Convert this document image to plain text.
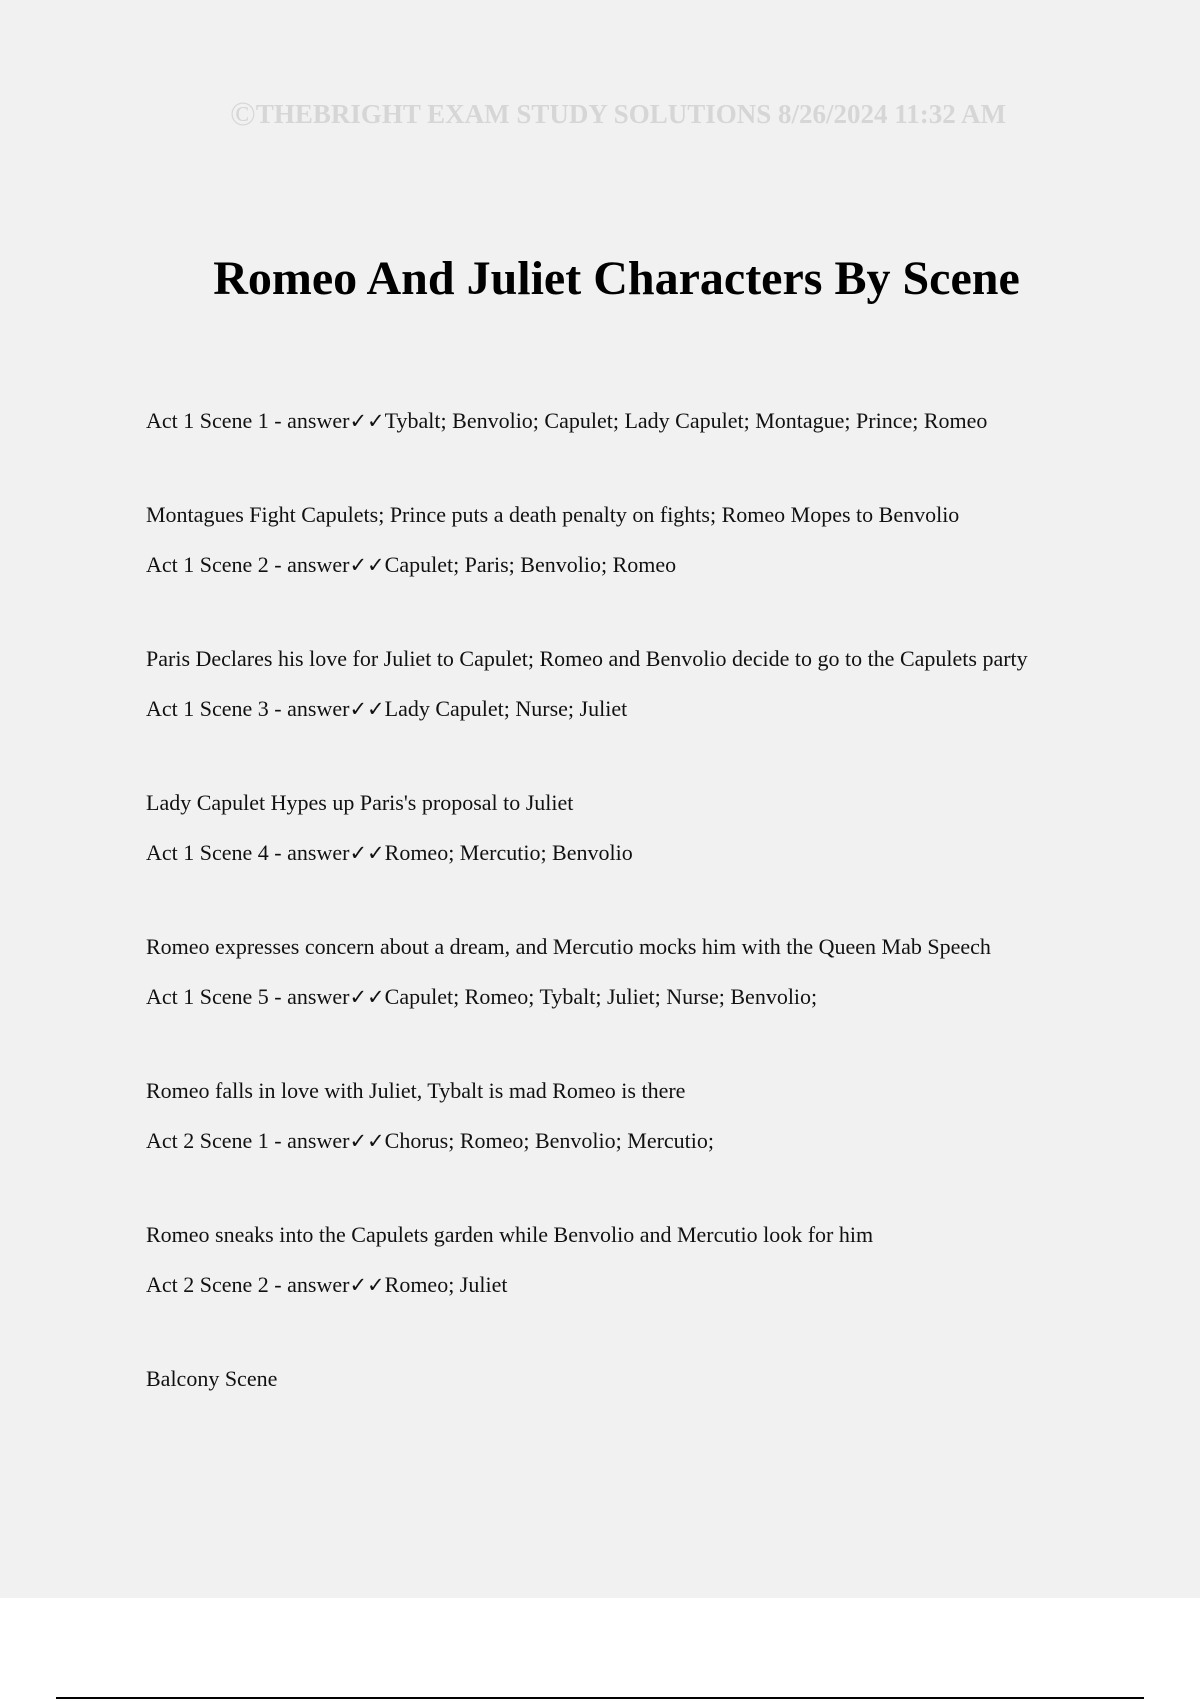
©THEBRIGHT EXAM STUDY SOLUTIONS 8/26/2024 11:32 AM
Romeo And Juliet Characters By Scene

Act 1 Scene 1 - answer✓✓Tybalt; Benvolio; Capulet; Lady Capulet; Montague; Prince; Romeo

Montagues Fight Capulets; Prince puts a death penalty on fights; Romeo Mopes to Benvolio

Act 1 Scene 2 - answer✓✓Capulet; Paris; Benvolio; Romeo

Paris Declares his love for Juliet to Capulet; Romeo and Benvolio decide to go to the Capulets party

Act 1 Scene 3 - answer✓✓Lady Capulet; Nurse; Juliet

Lady Capulet Hypes up Paris's proposal to Juliet

Act 1 Scene 4 - answer✓✓Romeo; Mercutio; Benvolio

Romeo expresses concern about a dream, and Mercutio mocks him with the Queen Mab Speech

Act 1 Scene 5 - answer✓✓Capulet; Romeo; Tybalt; Juliet; Nurse; Benvolio;

Romeo falls in love with Juliet, Tybalt is mad Romeo is there

Act 2 Scene 1 - answer✓✓Chorus; Romeo; Benvolio; Mercutio;

Romeo sneaks into the Capulets garden while Benvolio and Mercutio look for him

Act 2 Scene 2 - answer✓✓Romeo; Juliet

Balcony Scene
